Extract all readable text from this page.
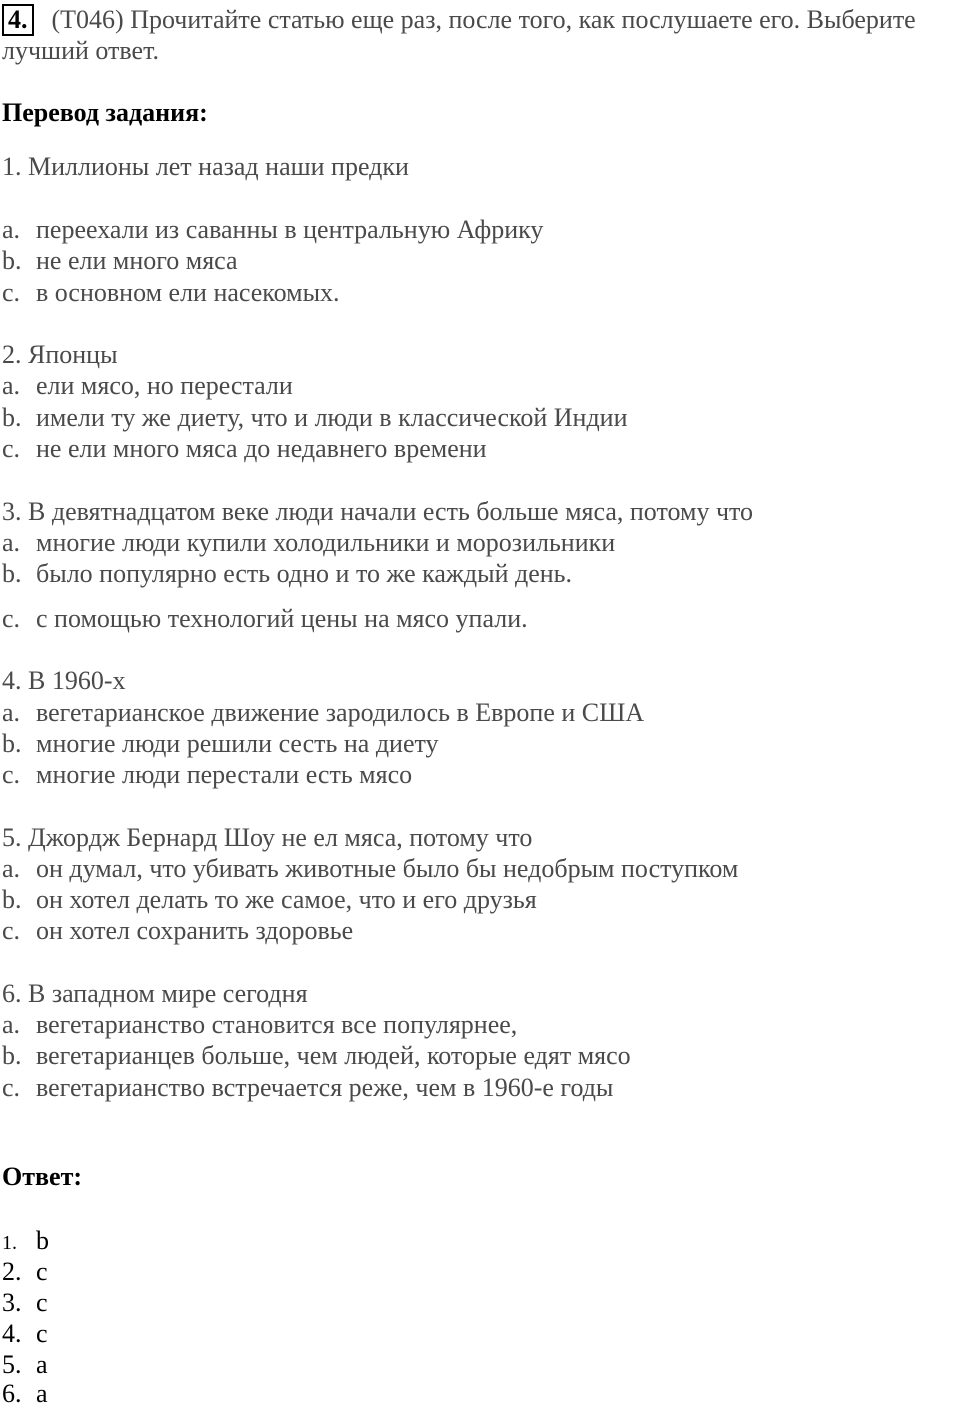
4. (T046) Прочитайте статью еще раз, после того, как послушаете его. Выберите
лучший ответ.
Перевод задания:
1. Миллионы лет назад наши предки
a. переехали из саванны в центральную Африку
b. не ели много мяса
c. в основном ели насекомых.
2. Японцы
a. ели мясо, но перестали
b. имели ту же диету, что и люди в классической Индии
c. не ели много мяса до недавнего времени
3. В девятнадцатом веке люди начали есть больше мяса, потому что
a. многие люди купили холодильники и морозильники
b. было популярно есть одно и то же каждый день.
c. с помощью технологий цены на мясо упали.
4. В 1960-х
a. вегетарианское движение зародилось в Европе и США
b. многие люди решили сесть на диету
c. многие люди перестали есть мясо
5. Джордж Бернард Шоу не ел мяса, потому что
a. он думал, что убивать животные было бы недобрым поступком
b. он хотел делать то же самое, что и его друзья
c. он хотел сохранить здоровье
6. В западном мире сегодня
a. вегетарианство становится все популярнее,
b. вегетарианцев больше, чем людей, которые едят мясо
c. вегетарианство встречается реже, чем в 1960-е годы
Ответ:
1. b
2. c
3. c
4. c
5. a
6. a
